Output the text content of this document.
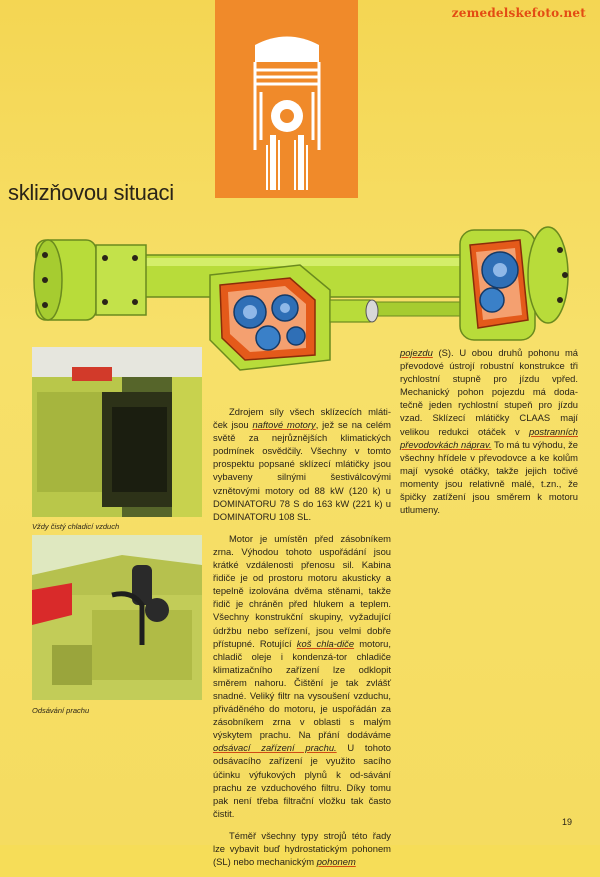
zemedelskefoto.net
sklizňovou situaci
Vždy čistý chladicí vzduch
Odsávání prachu

Zdrojem síly všech sklízecích mláti-ček jsou naftové motory, jež se na celém světě za nejrůznějších klimatických podmínek osvědčily. Všechny v tomto prospektu popsané sklízecí mlátičky jsou vybaveny silnými šestiválcovými vznětovými motory od 88 kW (120 k) u DOMINATORU 78 S do 163 kW (221 k) u DOMINATORU 108 SL.

Motor je umístěn před zásobníkem zrna. Výhodou tohoto uspořádání jsou krátké vzdálenosti přenosu sil. Kabina řidiče je od prostoru motoru akusticky a tepelně izolována dvěma stěnami, takže řidič je chráněn před hlukem a teplem. Všechny konstrukční skupiny, vyžadující údržbu nebo seřízení, jsou velmi dobře přístupné. Rotující koš chla-diče motoru, chladič oleje i kondenzá-tor chladiče klimatizačního zařízení lze odklopit směrem nahoru. Čištění je tak zvlášť snadné. Veliký filtr na vysoušení vzduchu, přiváděného do motoru, je uspořádán za zásobníkem zrna v oblasti s malým výskytem prachu. Na přání dodáváme odsávací zařízení prachu. U tohoto odsávacího zařízení je využito sacího účinku výfukových plynů k od-sávání prachu ze vzduchového filtru. Díky tomu pak není třeba filtrační vložku tak často čistit.

Téměř všechny typy strojů této řady lze vybavit buď hydrostatickým pohonem (SL) nebo mechanickým pohonem

pojezdu (S). U obou druhů pohonu má převodové ústrojí robustní konstrukce tři rychlostní stupně pro jízdu vpřed. Mechanický pohon pojezdu má doda-tečně jeden rychlostní stupeň pro jízdu vzad. Sklízecí mlátičky CLAAS mají velikou redukci otáček v postranních převodovkách náprav. To má tu výhodu, že všechny hřídele v převodovce a ke kolům mají vysoké otáčky, takže jejich točivé momenty jsou relativně malé, t.zn., že špičky zatížení jsou směrem k motoru utlumeny.

19
